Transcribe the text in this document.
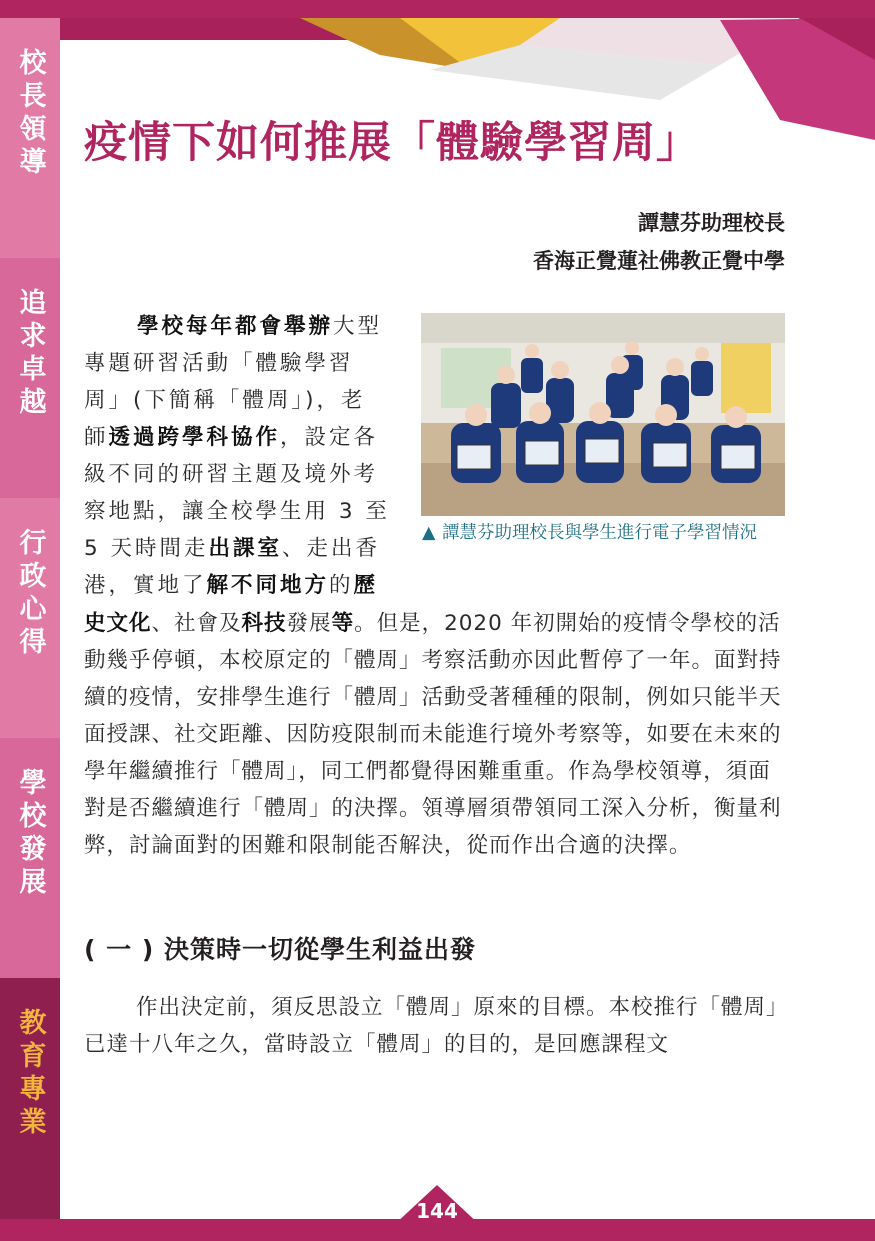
校長領導
追求卓越
行政心得
學校發展
教育專業
疫情下如何推展「體驗學習周」
譚慧芬助理校長
香海正覺蓮社佛教正覺中學

學校每年都會舉辦大型專題研習活動「體驗學習周」(下簡稱「體周」)，老師透過跨學科協作，設定各級不同的研習主題及境外考察地點，讓全校學生用 3 至 5 天時間走出課室、走出香港，實地了解不同地方的歷

▲ 譚慧芬助理校長與學生進行電子學習情況

史文化、社會及科技發展等。但是，2020 年初開始的疫情令學校的活動幾乎停頓，本校原定的「體周」考察活動亦因此暫停了一年。面對持續的疫情，安排學生進行「體周」活動受著種種的限制，例如只能半天面授課、社交距離、因防疫限制而未能進行境外考察等，如要在未來的學年繼續推行「體周」，同工們都覺得困難重重。作為學校領導，須面對是否繼續進行「體周」的決擇。領導層須帶領同工深入分析，衡量利弊，討論面對的困難和限制能否解決，從而作出合適的決擇。

( 一 ) 決策時一切從學生利益出發

作出決定前，須反思設立「體周」原來的目標。本校推行「體周」已達十八年之久，當時設立「體周」的目的，是回應課程文

144
